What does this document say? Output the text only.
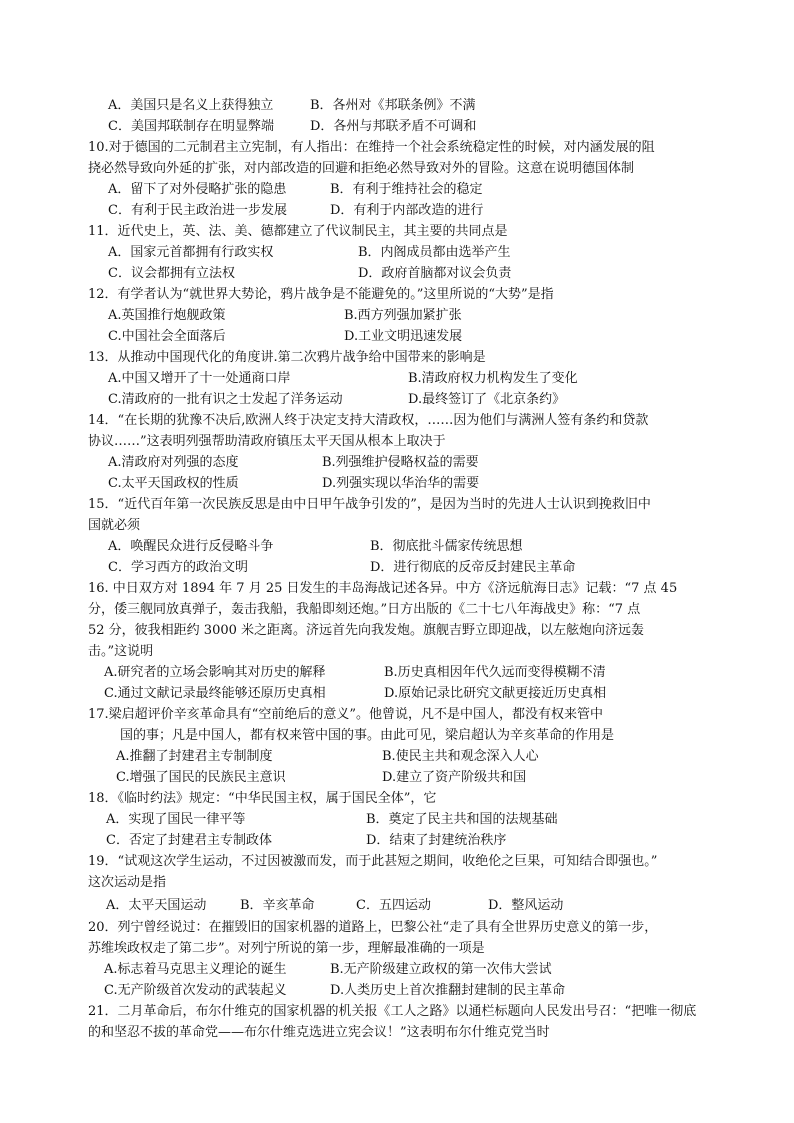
A．美国只是名义上获得独立	B．各州对《邦联条例》不满
C．美国邦联制存在明显弊端	D．各州与邦联矛盾不可调和
10.对于德国的二元制君主立宪制，有人指出：在维持一个社会系统稳定性的时候，对内涵发展的阻
挠必然导致向外延的扩张，对内部改造的回避和拒绝必然导致对外的冒险。这意在说明德国体制
A．留下了对外侵略扩张的隐患	B．有利于维持社会的稳定
C．有利于民主政治进一步发展	D．有利于内部改造的进行
11．近代史上，英、法、美、德都建立了代议制民主，其主要的共同点是
A．国家元首都拥有行政实权	B．内阁成员都由选举产生
C．议会都拥有立法权	D．政府首脑都对议会负责
12．有学者认为“就世界大势论，鸦片战争是不能避免的。”这里所说的“大势”是指
A.英国推行炮舰政策	B.西方列强加紧扩张
C.中国社会全面落后	D.工业文明迅速发展
13．从推动中国现代化的角度讲.第二次鸦片战争给中国带来的影响是
A.中国又增开了十一处通商口岸	B.清政府权力机构发生了变化
C.清政府的一批有识之士发起了洋务运动	D.最终签订了《北京条约》
14．“在长期的犹豫不决后,欧洲人终于决定支持大清政权，……因为他们与满洲人签有条约和贷款
协议……”这表明列强帮助清政府镇压太平天国从根本上取决于
A.清政府对列强的态度	B.列强维护侵略权益的需要
C.太平天国政权的性质	D.列强实现以华治华的需要
15．“近代百年第一次民族反思是由中日甲午战争引发的”，是因为当时的先进人士认识到挽救旧中
国就必须
A．唤醒民众进行反侵略斗争	B．彻底批斗儒家传统思想
C．学习西方的政治文明	D．进行彻底的反帝反封建民主革命
16. 中日双方对 1894 年 7 月 25 日发生的丰岛海战记述各异。中方《济远航海日志》记载：“7 点 45
分，倭三舰同放真弹子，轰击我船，我船即刻还炮。”日方出版的《二十七八年海战史》称：“7 点
52 分，彼我相距约 3000 米之距离。济远首先向我发炮。旗舰吉野立即迎战，以左舷炮向济远轰
击。”这说明
A.研究者的立场会影响其对历史的解释	B.历史真相因年代久远而变得模糊不清
C.通过文献记录最终能够还原历史真相	D.原始记录比研究文献更接近历史真相
17.梁启超评价辛亥革命具有“空前绝后的意义”。他曾说，凡不是中国人，都没有权来管中
国的事；凡是中国人，都有权来管中国的事。由此可见，梁启超认为辛亥革命的作用是
A.推翻了封建君主专制制度	B.使民主共和观念深入人心
C.增强了国民的民族民主意识	D.建立了资产阶级共和国
18．《临时约法》规定：“中华民国主权，属于国民全体”，它
A．实现了国民一律平等	B．奠定了民主共和国的法规基础
C．否定了封建君主专制政体	D．结束了封建统治秩序
19．“试观这次学生运动，不过因被激而发，而于此甚短之期间，收绝伦之巨果，可知结合即强也。”
这次运动是指
A．太平天国运动	B．辛亥革命	C．五四运动	D．整风运动
20．列宁曾经说过：在摧毁旧的国家机器的道路上，巴黎公社“走了具有全世界历史意义的第一步，
苏维埃政权走了第二步”。对列宁所说的第一步，理解最准确的一项是
A.标志着马克思主义理论的诞生	B.无产阶级建立政权的第一次伟大尝试
C.无产阶级首次发动的武装起义	D.人类历史上首次推翻封建制的民主革命
21．二月革命后，布尔什维克的国家机器的机关报《工人之路》以通栏标题向人民发出号召：“把唯一彻底
的和坚忍不拔的革命党——布尔什维克选进立宪会议！”这表明布尔什维克党当时
